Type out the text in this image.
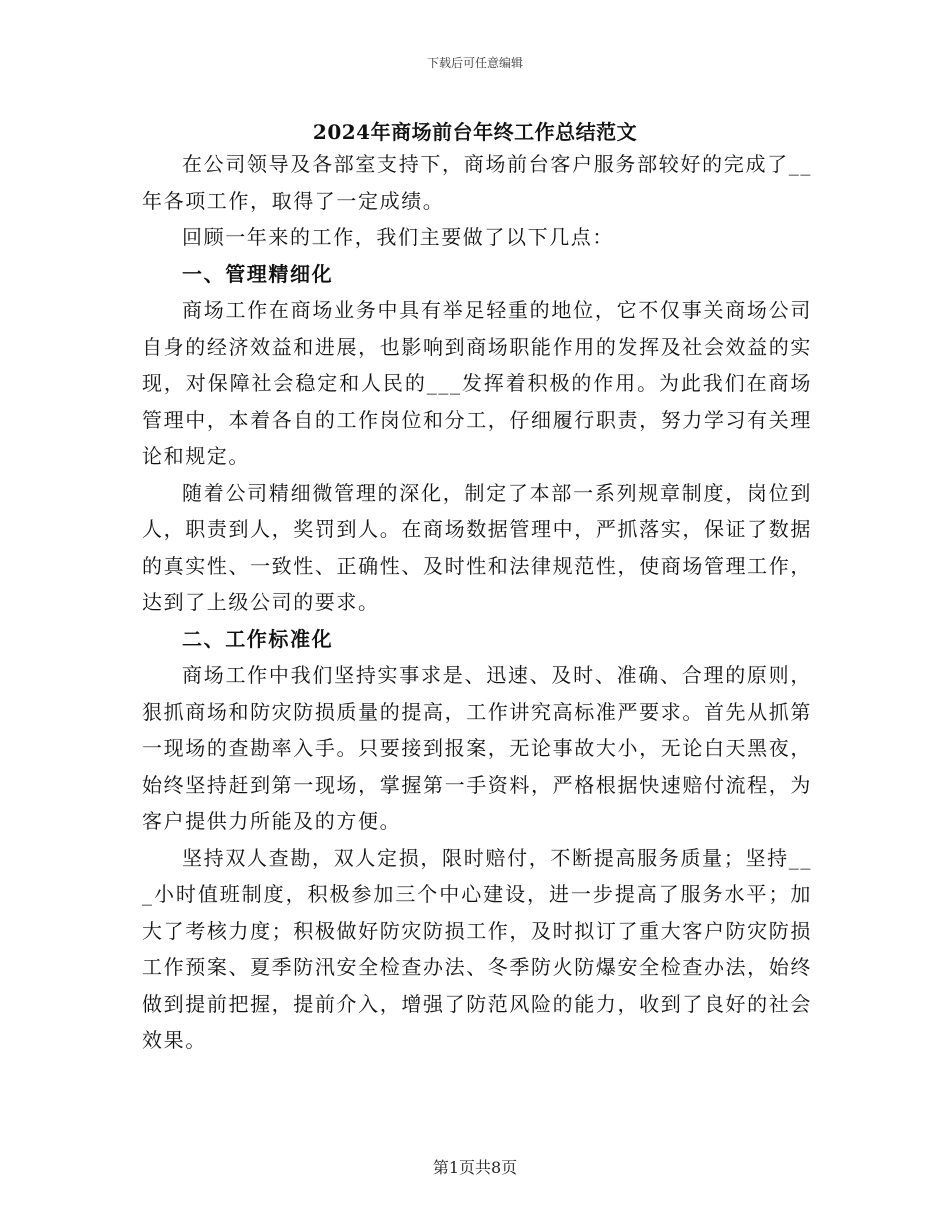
下载后可任意编辑
2024年商场前台年终工作总结范文

在公司领导及各部室支持下，商场前台客户服务部较好的完成了__年各项工作，取得了一定成绩。

回顾一年来的工作，我们主要做了以下几点：

一、管理精细化

商场工作在商场业务中具有举足轻重的地位，它不仅事关商场公司自身的经济效益和进展，也影响到商场职能作用的发挥及社会效益的实现，对保障社会稳定和人民的___发挥着积极的作用。为此我们在商场管理中，本着各自的工作岗位和分工，仔细履行职责，努力学习有关理论和规定。

随着公司精细微管理的深化，制定了本部一系列规章制度，岗位到人，职责到人，奖罚到人。在商场数据管理中，严抓落实，保证了数据的真实性、一致性、正确性、及时性和法律规范性，使商场管理工作，达到了上级公司的要求。

二、工作标准化

商场工作中我们坚持实事求是、迅速、及时、准确、合理的原则，狠抓商场和防灾防损质量的提高，工作讲究高标准严要求。首先从抓第一现场的查勘率入手。只要接到报案，无论事故大小，无论白天黑夜，始终坚持赶到第一现场，掌握第一手资料，严格根据快速赔付流程，为客户提供力所能及的方便。

坚持双人查勘，双人定损，限时赔付，不断提高服务质量；坚持___小时值班制度，积极参加三个中心建设，进一步提高了服务水平；加大了考核力度；积极做好防灾防损工作，及时拟订了重大客户防灾防损工作预案、夏季防汛安全检查办法、冬季防火防爆安全检查办法，始终做到提前把握，提前介入，增强了防范风险的能力，收到了良好的社会效果。

第1页共8页
